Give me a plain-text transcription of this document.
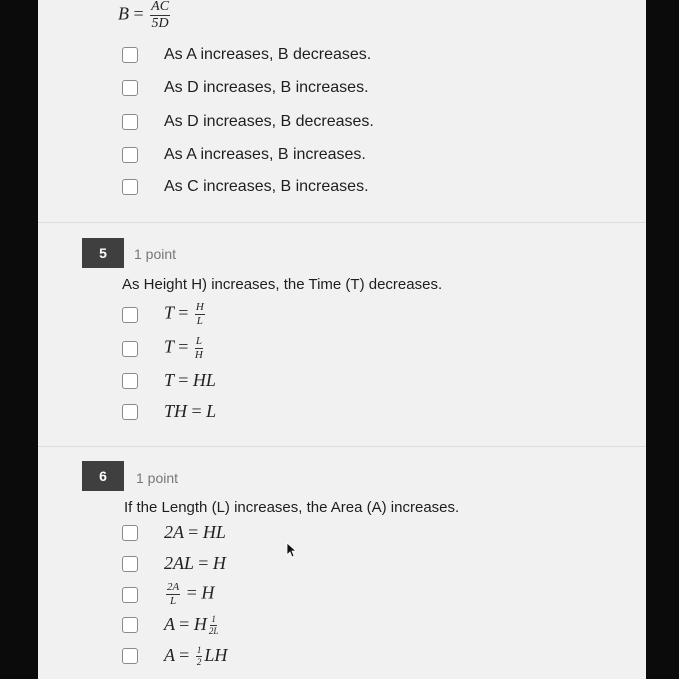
$B = \frac{AC}{5D}$
As A increases, B decreases.
As D increases, B increases.
As D increases, B decreases.
As A increases, B increases.
As C increases, B increases.
5	1 point
As Height H) increases, the Time (T) decreases.
$T = \frac{H}{L}$
$T = \frac{L}{H}$
T = HL
TH = L
6	1 point
If the Length (L) increases, the Area (A) increases.
2A = HL
2AL = H
$\frac{2A}{L} = H$
A = H $\frac{1}{2L}$
$A = \frac{1}{2}$ LH
